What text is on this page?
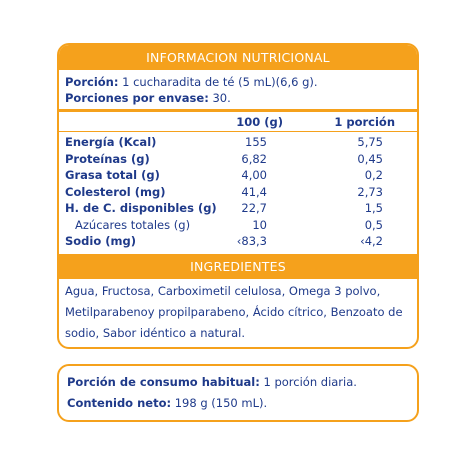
INFORMACION NUTRICIONAL
Porción: 1 cucharadita de té (5 mL)(6,6 g).
Porciones por envase: 30.
100 (g)	1 porción
Energía (Kcal)	155	5,75
Proteínas (g)	6,82	0,45
Grasa total (g)	4,00	0,2
Colesterol (mg)	41,4	2,73
H. de C. disponibles (g) 22,7	1,5
Azúcares totales (g)	10	0,5
Sodio (mg)	‹83,3	‹4,2
INGREDIENTES
Agua, Fructosa, Carboximetil celulosa, Omega 3 polvo, Metilparabenoy propilparabeno, Ácido cítrico, Benzoato de sodio, Sabor idéntico a natural.
Porción de consumo habitual: 1 porción diaria.
Contenido neto: 198 g (150 mL).
